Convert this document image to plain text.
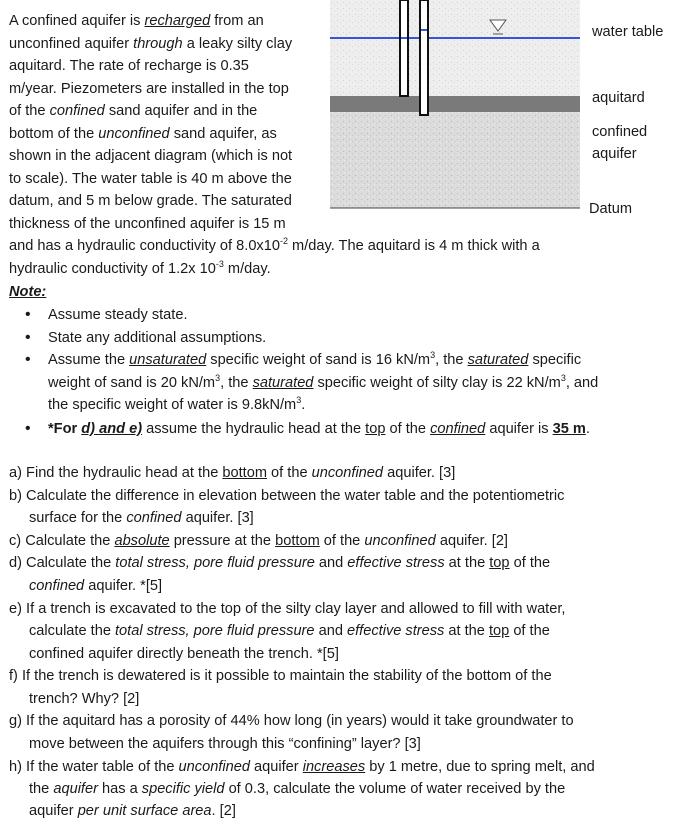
A confined aquifer is recharged from an
unconfined aquifer through a leaky silty clay
aquitard. The rate of recharge is 0.35
m/year. Piezometers are installed in the top
of the confined sand aquifer and in the
bottom of the unconfined sand aquifer, as
shown in the adjacent diagram (which is not
to scale). The water table is 40 m above the
datum, and 5 m below grade. The saturated
thickness of the unconfined aquifer is 15 m
and has a hydraulic conductivity of $8.0x10^{-2}$ m/day. The aquitard is 4 m thick with a
hydraulic conductivity of 1.2x $10^{-3}$ m/day.
water table
aquitard
confined
aquifer
Datum
Note:
• Assume steady state.
• State any additional assumptions.
• Assume the unsaturated specific weight of sand is 16 $kN/m^3$, the saturated specific
weight of sand is 20 $kN/m^3$, the saturated specific weight of silty clay is 22 $kN/m^3$, and
the specific weight of water is $9.8kN/m^3$.
• *For d) and e) assume the hydraulic head at the top of the confined aquifer is 35 m.
a) Find the hydraulic head at the bottom of the unconfined aquifer. [3]
b) Calculate the difference in elevation between the water table and the potentiometric
surface for the confined aquifer. [3]
c) Calculate the absolute pressure at the bottom of the unconfined aquifer. [2]
d) Calculate the total stress, pore fluid pressure and effective stress at the top of the
confined aquifer. *[5]
e) If a trench is excavated to the top of the silty clay layer and allowed to fill with water,
calculate the total stress, pore fluid pressure and effective stress at the top of the
confined aquifer directly beneath the trench. *[5]
f) If the trench is dewatered is it possible to maintain the stability of the bottom of the
trench? Why? [2]
g) If the aquitard has a porosity of 44% how long (in years) would it take groundwater to
move between the aquifers through this “confining” layer? [3]
h) If the water table of the unconfined aquifer increases by 1 metre, due to spring melt, and
the aquifer has a specific yield of 0.3, calculate the volume of water received by the
aquifer per unit surface area. [2]
